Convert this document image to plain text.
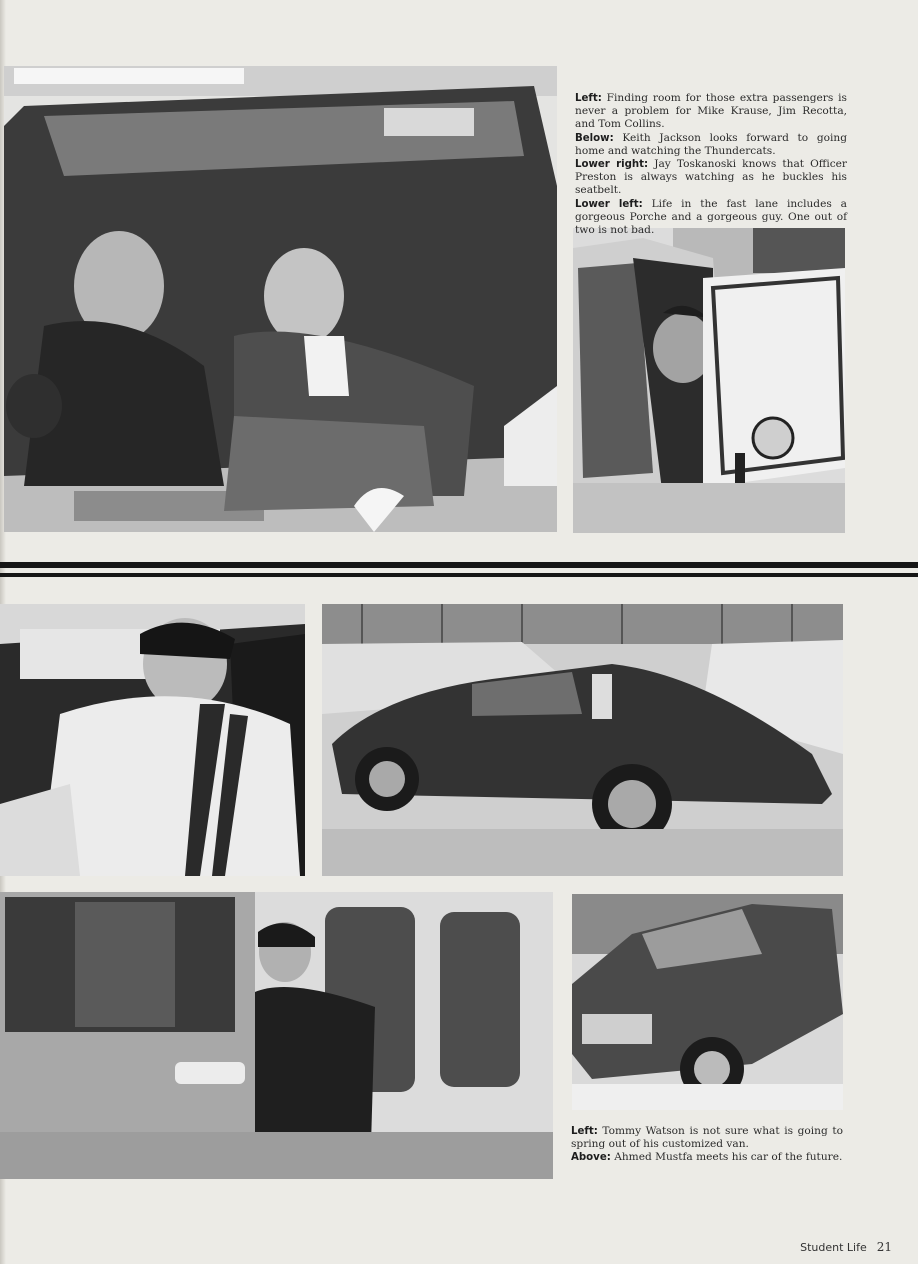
Left: Finding room for those extra passengers is never a problem for Mike Krause, Jim Recotta, and Tom Collins.

Below: Keith Jackson looks forward to going home and watching the Thundercats.

Lower right: Jay Toskanoski knows that Officer Preston is always watching as he buckles his seatbelt.

Lower left: Life in the fast lane includes a gorgeous Porche and a gorgeous guy. One out of two is not bad.

Left: Tommy Watson is not sure what is going to spring out of his customized van.

Above: Ahmed Mustfa meets his car of the future.

Student Life 21
